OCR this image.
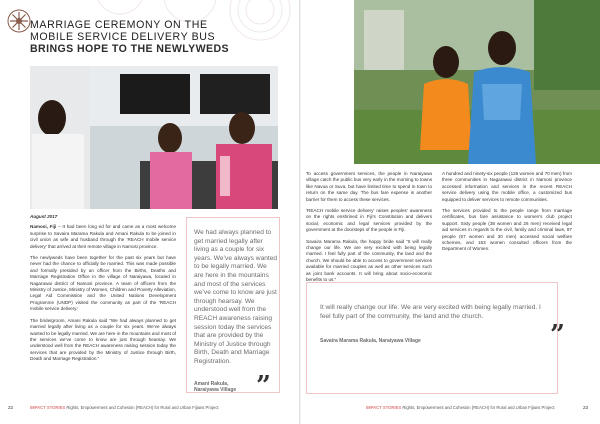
MARRIAGE CEREMONY ON THE
MOBILE SERVICE DELIVERY BUS
BRINGS HOPE TO THE NEWLYWEDS

August 2017

Namosi, Fiji – It had been long ed for and came as a most welcome surprise to Savaira Marama Rakula and Amani Rakula to be joined in civil union as wife and husband through the ‘REACH mobile service delivery’ that arrived at their remote village in Namosi province.

The newlyweds have been together for the past six years but have never had the chance to officially be married. This was made possible and formally presided by an officer from the Births, Deaths and Marriage Registration Office in the village of Naraiyawa, located in Nagarawai district of Namosi province. A team of officers from the Ministry of Justice, Ministry of Women, Children and Poverty Alleviation, Legal Aid Commission and the United Nations Development Programme (UNDP) visited the community as part of the ‘REACH mobile service delivery.’

The bride/groom, Amani Rakula said “We had always planned to get married legally after living as a couple for six years. We’ve always wanted to be legally married. We are here in the mountains and most of the services we’ve come to know are just through hearsay. We understood well from the REACH awareness raising session today the services that are provided by the Ministry of Justice through Birth, Death and Marriage Registration.”

We had always planned to get married legally after living as a couple for six years. We’ve always wanted to be legally married. We are here in the mountains and most of the services we’ve come to know are just through hearsay. We understood well from the REACH awareness raising session today the services that are provided by the Ministry of Justice through Birth, Death and Marriage Registration.
Amani Rakula,
Naraiyawa Village ”

To access government services, the people in Naraiyawa village catch the public bus very early in the morning to towns like Navua or Suva, but have limited time to spend in town to return on the same day. The bus fare expense is another barrier for them to access these services.

‘REACH mobile service delivery’ raises peoples’ awareness on the rights enshrined in Fiji’s Constitution and delivers social, economic and legal services provided by the government at the doorsteps of the people in Fiji.

Savaira Marama Rakula, the happy bride said “It will really change our life. We are very excited with being legally married. I feel fully part of the community, the land and the church. We should be able to access to government services available for married couples as well as other services such as joint bank accounts. It will bring about socio-economic benefits to us.”

A hundred and ninety-six people (126 women and 70 men) from three communities in Nagarawai district in Namosi province accessed information and services in the recent REACH service delivery using the mobile office, a customized bus equipped to deliver services to remote communities.

The services provided to the people range from marriage certificates, bus fare assistance to women’s club project support. Sixty people (38 women and 26 men) received legal aid services in regards to the civil, family and criminal laws, 97 people (67 women and 30 men) accessed social welfare schemes, and 153 women consulted officers from the Department of Women.

It will really change our life. We are very excited with being legally married. I feel fully part of the community, the land and the church.
Savaira Marama Rakula, Naraiyawa Village	”
22	IMPACT STORIES Rights, Empowerment and Cohesion (REACH) for Rural and Urban Fijians Project	IMPACT STORIES Rights, Empowerment and Cohesion (REACH) for Rural and Urban Fijians Project	23
